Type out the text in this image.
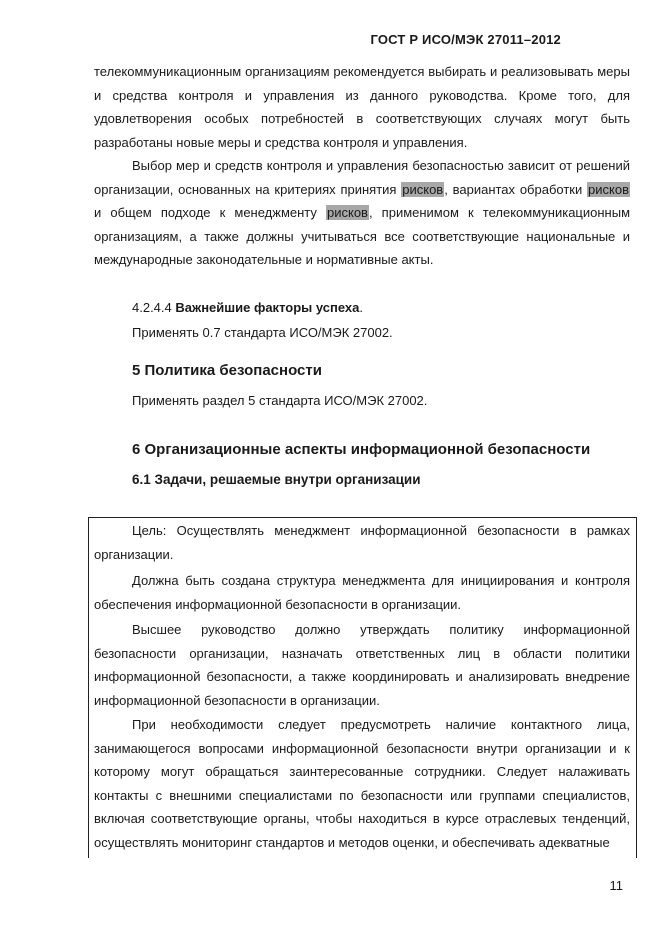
ГОСТ Р ИСО/МЭК 27011–2012
телекоммуникационным организациям рекомендуется выбирать и реализовывать меры и средства контроля и управления из данного руководства. Кроме того, для удовлетворения особых потребностей в соответствующих случаях могут быть разработаны новые меры и средства контроля и управления.
Выбор мер и средств контроля и управления безопасностью зависит от решений организации, основанных на критериях принятия рисков, вариантах обработки рисков и общем подходе к менеджменту рисков, применимом к телекоммуникационным организациям, а также должны учитываться все соответствующие национальные и международные законодательные и нормативные акты.
4.2.4.4 Важнейшие факторы успеха.
Применять 0.7 стандарта ИСО/МЭК 27002.
5 Политика безопасности
Применять раздел 5 стандарта ИСО/МЭК 27002.
6 Организационные аспекты информационной безопасности
6.1 Задачи, решаемые внутри организации
Цель: Осуществлять менеджмент информационной безопасности в рамках организации.
Должна быть создана структура менеджмента для инициирования и контроля обеспечения информационной безопасности в организации.
Высшее руководство должно утверждать политику информационной безопасности организации, назначать ответственных лиц в области политики информационной безопасности, а также координировать и анализировать внедрение информационной безопасности в организации.
При необходимости следует предусмотреть наличие контактного лица, занимающегося вопросами информационной безопасности внутри организации и к которому могут обращаться заинтересованные сотрудники. Следует налаживать контакты с внешними специалистами по безопасности или группами специалистов, включая соответствующие органы, чтобы находиться в курсе отраслевых тенденций, осуществлять мониторинг стандартов и методов оценки, и обеспечивать адекватные
11
